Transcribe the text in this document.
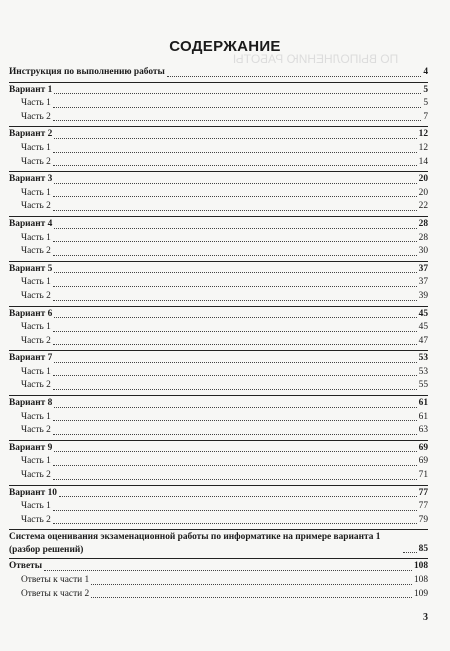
ПО ВЫПОЛНЕНИЮ РАБОТЫ
СОДЕРЖАНИЕ
Инструкция по выполнению работы	4
Вариант 1	5
Часть 1	5
Часть 2	7
Вариант 2	12
Часть 1	12
Часть 2	14
Вариант 3	20
Часть 1	20
Часть 2	22
Вариант 4	28
Часть 1	28
Часть 2	30
Вариант 5	37
Часть 1	37
Часть 2	39
Вариант 6	45
Часть 1	45
Часть 2	47
Вариант 7	53
Часть 1	53
Часть 2	55
Вариант 8	61
Часть 1	61
Часть 2	63
Вариант 9	69
Часть 1	69
Часть 2	71
Вариант 10	77
Часть 1	77
Часть 2	79
Система оценивания экзаменационной работы по информатике на примере варианта 1 (разбор решений)	85
Ответы	108
Ответы к части 1	108
Ответы к части 2	109
3
